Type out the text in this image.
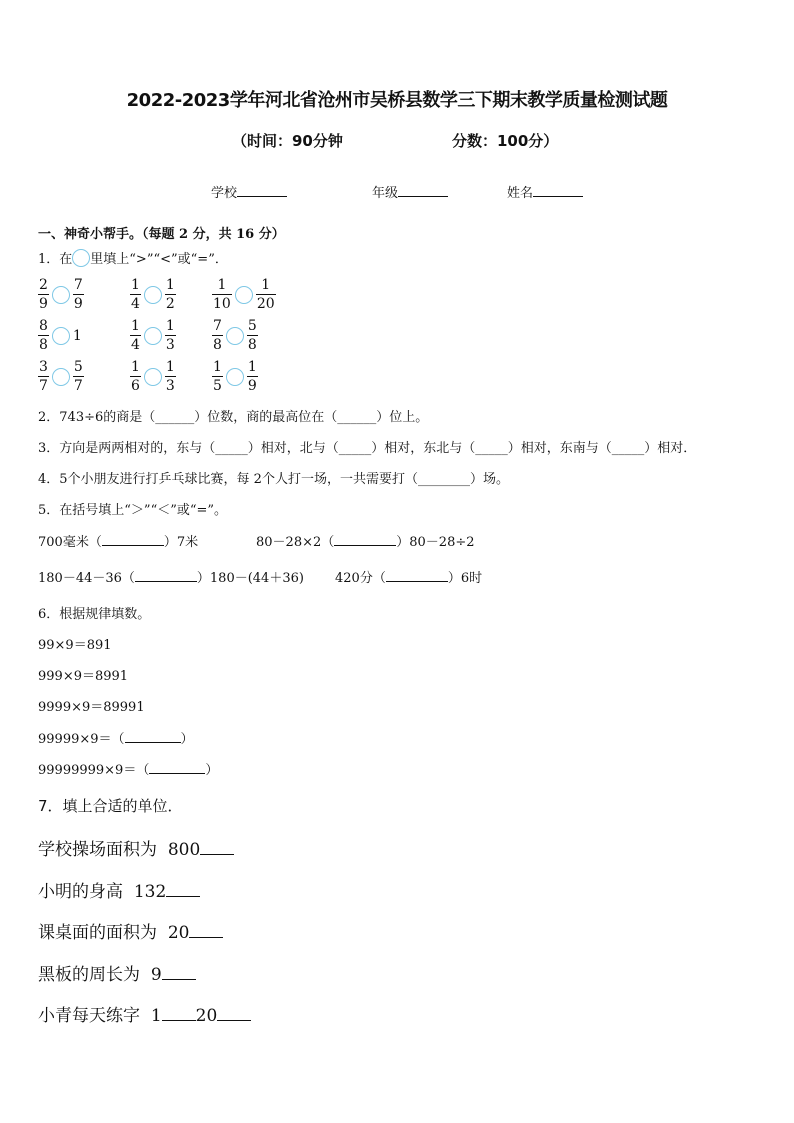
2022-2023学年河北省沧州市吴桥县数学三下期末教学质量检测试题
（时间：90分钟	分数：100分）
学校	年级	姓名
一、神奇小帮手。（每题 2 分，共 16 分）
1．在 里填上“>”“<”或“=”．
$\frac{2}{9} \frac{7}{9}$	$\frac{1}{4} \frac{1}{2}$	$\frac{1}{10} \frac{1}{20}$
$\frac{8}{8} 1$	$\frac{1}{4} \frac{1}{3}$	$\frac{7}{8} \frac{5}{8}$
$\frac{3}{7} \frac{5}{7}$	$\frac{1}{6} \frac{1}{3}$	$\frac{1}{5} \frac{1}{9}$
2．743÷6的商是（______）位数，商的最高位在（______）位上。
3．方向是两两相对的，东与（_____）相对，北与（_____）相对，东北与（_____）相对，东南与（_____）相对．
4．5个小朋友进行打乒乓球比赛，每 2个人打一场，一共需要打（________）场。
5．在括号填上“＞”“＜”或“=”。
700毫米（	）7米	80－28×2（	）80－28÷2
180－44－36（	）180－(44＋36) 420分（	）6时
6．根据规律填数。
99×9＝891
999×9＝8991
9999×9＝89991
99999×9＝（	）
99999999×9＝（	）
7．填上合适的单位．
学校操场面积为 800
小明的身高 132
课桌面的面积为 20
黑板的周长为 9
小青每天练字 1 20
